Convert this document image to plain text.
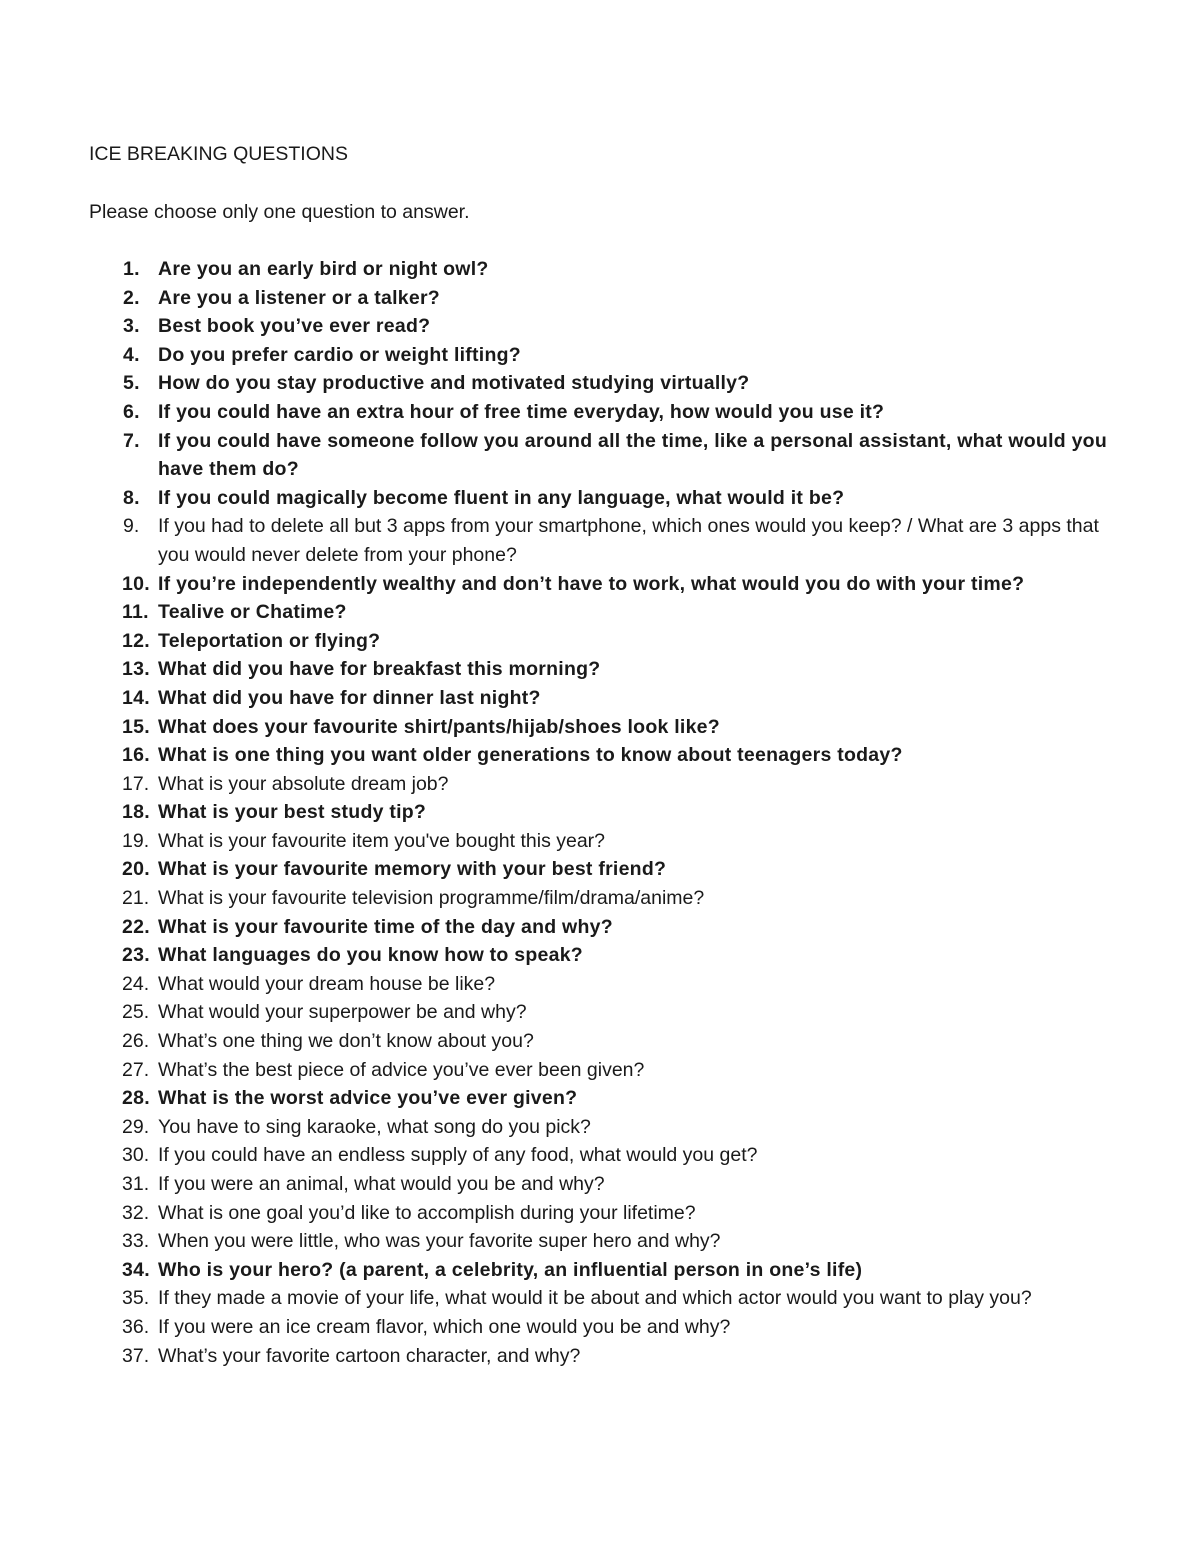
ICE BREAKING QUESTIONS
Please choose only one question to answer.
1. Are you an early bird or night owl?
2. Are you a listener or a talker?
3. Best book you’ve ever read?
4. Do you prefer cardio or weight lifting?
5. How do you stay productive and motivated studying virtually?
6. If you could have an extra hour of free time everyday, how would you use it?
7. If you could have someone follow you around all the time, like a personal assistant, what would you have them do?
8. If you could magically become fluent in any language, what would it be?
9. If you had to delete all but 3 apps from your smartphone, which ones would you keep? / What are 3 apps that you would never delete from your phone?
10. If you’re independently wealthy and don’t have to work, what would you do with your time?
11. Tealive or Chatime?
12. Teleportation or flying?
13. What did you have for breakfast this morning?
14. What did you have for dinner last night?
15. What does your favourite shirt/pants/hijab/shoes look like?
16. What is one thing you want older generations to know about teenagers today?
17. What is your absolute dream job?
18. What is your best study tip?
19. What is your favourite item you've bought this year?
20. What is your favourite memory with your best friend?
21. What is your favourite television programme/film/drama/anime?
22. What is your favourite time of the day and why?
23. What languages do you know how to speak?
24. What would your dream house be like?
25. What would your superpower be and why?
26. What’s one thing we don’t know about you?
27. What’s the best piece of advice you’ve ever been given?
28. What is the worst advice you’ve ever given?
29. You have to sing karaoke, what song do you pick?
30. If you could have an endless supply of any food, what would you get?
31. If you were an animal, what would you be and why?
32. What is one goal you’d like to accomplish during your lifetime?
33. When you were little, who was your favorite super hero and why?
34. Who is your hero? (a parent, a celebrity, an influential person in one’s life)
35. If they made a movie of your life, what would it be about and which actor would you want to play you?
36. If you were an ice cream flavor, which one would you be and why?
37. What’s your favorite cartoon character, and why?
